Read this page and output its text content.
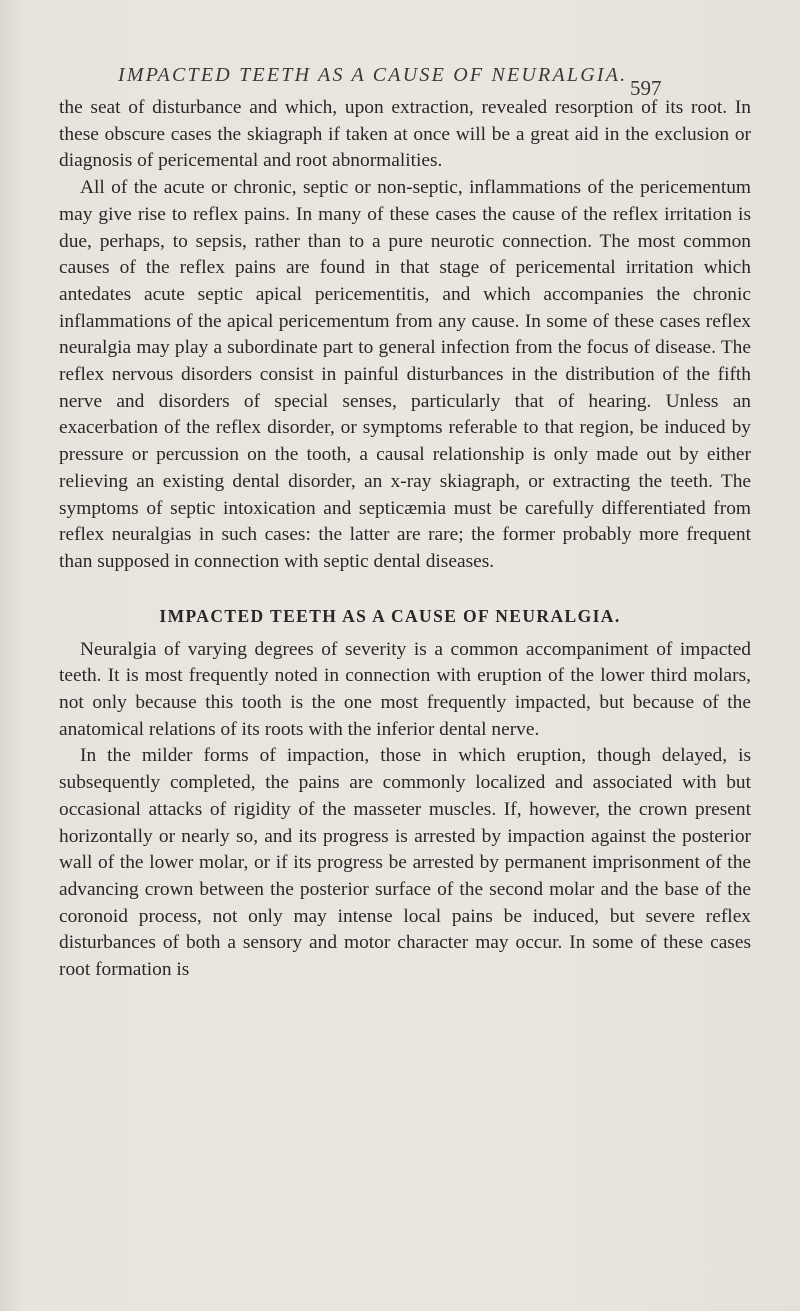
IMPACTED TEETH AS A CAUSE OF NEURALGIA.
597

the seat of disturbance and which, upon extraction, revealed resorption of its root. In these obscure cases the skiagraph if taken at once will be a great aid in the exclusion or diagnosis of pericemental and root abnormalities.

All of the acute or chronic, septic or non-septic, inflammations of the pericementum may give rise to reflex pains. In many of these cases the cause of the reflex irritation is due, perhaps, to sepsis, rather than to a pure neurotic connection. The most common causes of the reflex pains are found in that stage of pericemental irritation which antedates acute septic apical pericementitis, and which accompanies the chronic inflammations of the apical pericementum from any cause. In some of these cases reflex neuralgia may play a subordinate part to general infection from the focus of disease. The reflex nervous disorders consist in painful disturbances in the distribution of the fifth nerve and disorders of special senses, particularly that of hearing. Unless an exacerbation of the reflex disorder, or symptoms referable to that region, be induced by pressure or percussion on the tooth, a causal relationship is only made out by either relieving an existing dental disorder, an x-ray skiagraph, or extracting the teeth. The symptoms of septic intoxication and septicæmia must be carefully differentiated from reflex neuralgias in such cases: the latter are rare; the former probably more frequent than supposed in connection with septic dental diseases.

IMPACTED TEETH AS A CAUSE OF NEURALGIA.

Neuralgia of varying degrees of severity is a common accompaniment of impacted teeth. It is most frequently noted in connection with eruption of the lower third molars, not only because this tooth is the one most frequently impacted, but because of the anatomical relations of its roots with the inferior dental nerve.

In the milder forms of impaction, those in which eruption, though delayed, is subsequently completed, the pains are commonly localized and associated with but occasional attacks of rigidity of the masseter muscles. If, however, the crown present horizontally or nearly so, and its progress is arrested by impaction against the posterior wall of the lower molar, or if its progress be arrested by permanent imprisonment of the advancing crown between the posterior surface of the second molar and the base of the coronoid process, not only may intense local pains be induced, but severe reflex disturbances of both a sensory and motor character may occur. In some of these cases root formation is
